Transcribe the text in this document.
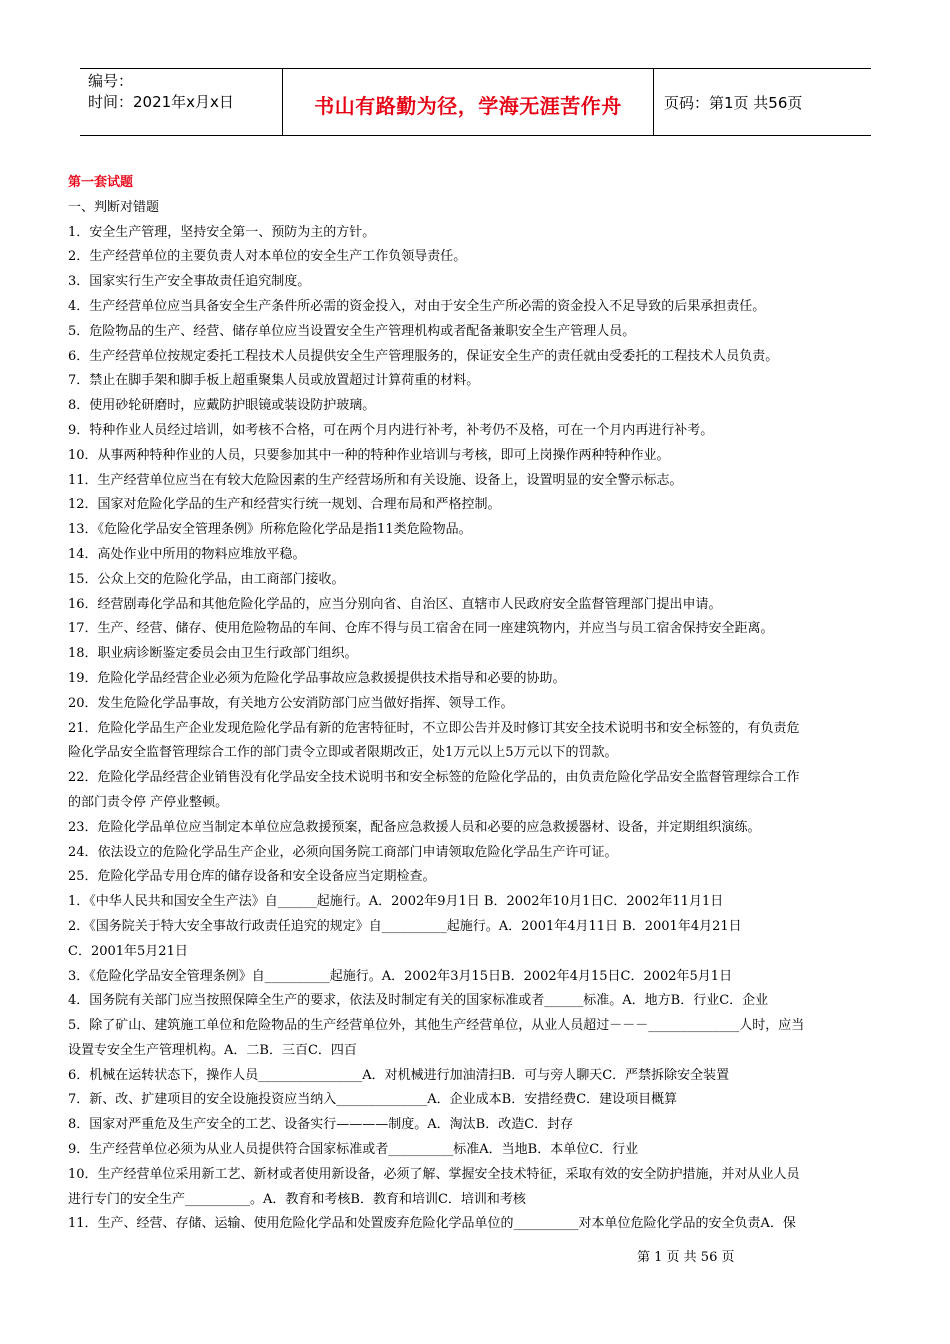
编号：
时间：2021年x月x日	书山有路勤为径，学海无涯苦作舟	页码：第1页 共56页

第一套试题

一、判断对错题

1．安全生产管理，坚持安全第一、预防为主的方针。

2．生产经营单位的主要负责人对本单位的安全生产工作负领导责任。

3．国家实行生产安全事故责任追究制度。

4．生产经营单位应当具备安全生产条件所必需的资金投入，对由于安全生产所必需的资金投入不足导致的后果承担责任。

5．危险物品的生产、经营、储存单位应当设置安全生产管理机构或者配备兼职安全生产管理人员。

6．生产经营单位按规定委托工程技术人员提供安全生产管理服务的，保证安全生产的责任就由受委托的工程技术人员负责。

7．禁止在脚手架和脚手板上超重聚集人员或放置超过计算荷重的材料。

8．使用砂轮研磨时，应戴防护眼镜或装设防护玻璃。

9．特种作业人员经过培训，如考核不合格，可在两个月内进行补考，补考仍不及格，可在一个月内再进行补考。

10．从事两种特种作业的人员，只要参加其中一种的特种作业培训与考核，即可上岗操作两种特种作业。

11．生产经营单位应当在有较大危险因素的生产经营场所和有关设施、设备上，设置明显的安全警示标志。

12．国家对危险化学品的生产和经营实行统一规划、合理布局和严格控制。

13．《危险化学品安全管理条例》所称危险化学品是指11类危险物品。

14．高处作业中所用的物料应堆放平稳。

15．公众上交的危险化学品，由工商部门接收。

16．经营剧毒化学品和其他危险化学品的，应当分别向省、自治区、直辖市人民政府安全监督管理部门提出申请。

17．生产、经营、储存、使用危险物品的车间、仓库不得与员工宿舍在同一座建筑物内，并应当与员工宿舍保持安全距离。

18．职业病诊断鉴定委员会由卫生行政部门组织。

19．危险化学品经营企业必须为危险化学品事故应急救援提供技术指导和必要的协助。

20．发生危险化学品事故，有关地方公安消防部门应当做好指挥、领导工作。

21．危险化学品生产企业发现危险化学品有新的危害特征时，不立即公告并及时修订其安全技术说明书和安全标签的，有负责危

险化学品安全监督管理综合工作的部门责令立即或者限期改正，处1万元以上5万元以下的罚款。

22．危险化学品经营企业销售没有化学品安全技术说明书和安全标签的危险化学品的，由负责危险化学品安全监督管理综合工作

的部门责令停 产停业整顿。

23．危险化学品单位应当制定本单位应急救援预案，配备应急救援人员和必要的应急救援器材、设备，并定期组织演练。

24．依法设立的危险化学品生产企业，必须向国务院工商部门申请领取危险化学品生产许可证。

25．危险化学品专用仓库的储存设备和安全设备应当定期检查。

1．《中华人民共和国安全生产法》自______起施行。A．2002年9月1日 B．2002年10月1日C．2002年11月1日

2．《国务院关于特大安全事故行政责任追究的规定》自__________起施行。A．2001年4月11日 B．2001年4月21日

C．2001年5月21日

3．《危险化学品安全管理条例》自__________起施行。A．2002年3月15日B．2002年4月15日C．2002年5月1日

4．国务院有关部门应当按照保障全生产的要求，依法及时制定有关的国家标准或者______标准。A．地方B．行业C．企业

5．除了矿山、建筑施工单位和危险物品的生产经营单位外，其他生产经营单位，从业人员超过－－－______________人时，应当

设置专安全生产管理机构。A．二B．三百C．四百

6．机械在运转状态下，操作人员________________A．对机械进行加油清扫B．可与旁人聊天C．严禁拆除安全装置

7．新、改、扩建项目的安全设施投资应当纳入______________A．企业成本B．安措经费C．建设项目概算

8．国家对严重危及生产安全的工艺、设备实行————制度。A．淘汰B．改造C．封存

9．生产经营单位必须为从业人员提供符合国家标准或者__________标准A．当地B．本单位C．行业

10．生产经营单位采用新工艺、新材或者使用新设备，必须了解、掌握安全技术特征，采取有效的安全防护措施，并对从业人员

进行专门的安全生产__________。A．教育和考核B．教育和培训C．培训和考核

11．生产、经营、存储、运输、使用危险化学品和处置废弃危险化学品单位的__________对本单位危险化学品的安全负责A．保

第 1 页 共 56 页
